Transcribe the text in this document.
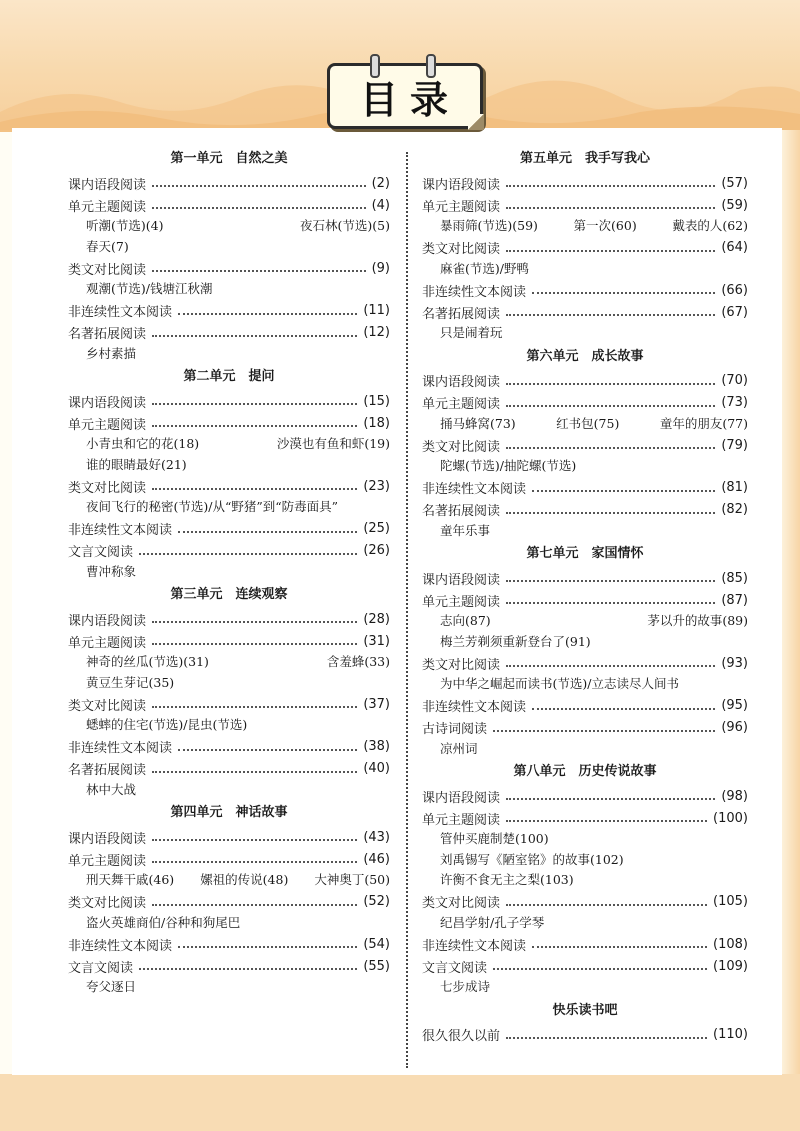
目录
第一单元　自然之美
课内语段阅读	(2)
单元主题阅读	(4)
听潮(节选)(4)	夜石林(节选)(5)
春天(7)
类文对比阅读	(9)
观潮(节选)/钱塘江秋潮
非连续性文本阅读	(11)
名著拓展阅读	(12)
乡村素描
第二单元　提问
课内语段阅读	(15)
单元主题阅读	(18)
小青虫和它的花(18)	沙漠也有鱼和虾(19)
谁的眼睛最好(21)
类文对比阅读	(23)
夜间飞行的秘密(节选)/从“野猪”到“防毒面具”
非连续性文本阅读	(25)
文言文阅读	(26)
曹冲称象
第三单元　连续观察
课内语段阅读	(28)
单元主题阅读	(31)
神奇的丝瓜(节选)(31)	含羞蜂(33)
黄豆生芽记(35)
类文对比阅读	(37)
蟋蟀的住宅(节选)/昆虫(节选)
非连续性文本阅读	(38)
名著拓展阅读	(40)
林中大战
第四单元　神话故事
课内语段阅读	(43)
单元主题阅读	(46)
刑天舞干戚(46) 嫘祖的传说(48) 大神奥丁(50)
类文对比阅读	(52)
盗火英雄商伯/谷种和狗尾巴
非连续性文本阅读	(54)
文言文阅读	(55)
夸父逐日
第五单元　我手写我心
课内语段阅读	(57)
单元主题阅读	(59)
暴雨筛(节选)(59)	第一次(60)	戴表的人(62)
类文对比阅读	(64)
麻雀(节选)/野鸭
非连续性文本阅读	(66)
名著拓展阅读	(67)
只是闹着玩
第六单元　成长故事
课内语段阅读	(70)
单元主题阅读	(73)
捅马蜂窝(73)	红书包(75)	童年的朋友(77)
类文对比阅读	(79)
陀螺(节选)/抽陀螺(节选)
非连续性文本阅读	(81)
名著拓展阅读	(82)
童年乐事
第七单元　家国情怀
课内语段阅读	(85)
单元主题阅读	(87)
志向(87)	茅以升的故事(89)
梅兰芳剃须重新登台了(91)
类文对比阅读	(93)
为中华之崛起而读书(节选)/立志读尽人间书
非连续性文本阅读	(95)
古诗词阅读	(96)
凉州词
第八单元　历史传说故事
课内语段阅读	(98)
单元主题阅读	(100)
管仲买鹿制楚(100)
刘禹锡写《陋室铭》的故事(102)
许衡不食无主之梨(103)
类文对比阅读	(105)
纪昌学射/孔子学琴
非连续性文本阅读	(108)
文言文阅读	(109)
七步成诗
快乐读书吧
很久很久以前	(110)
